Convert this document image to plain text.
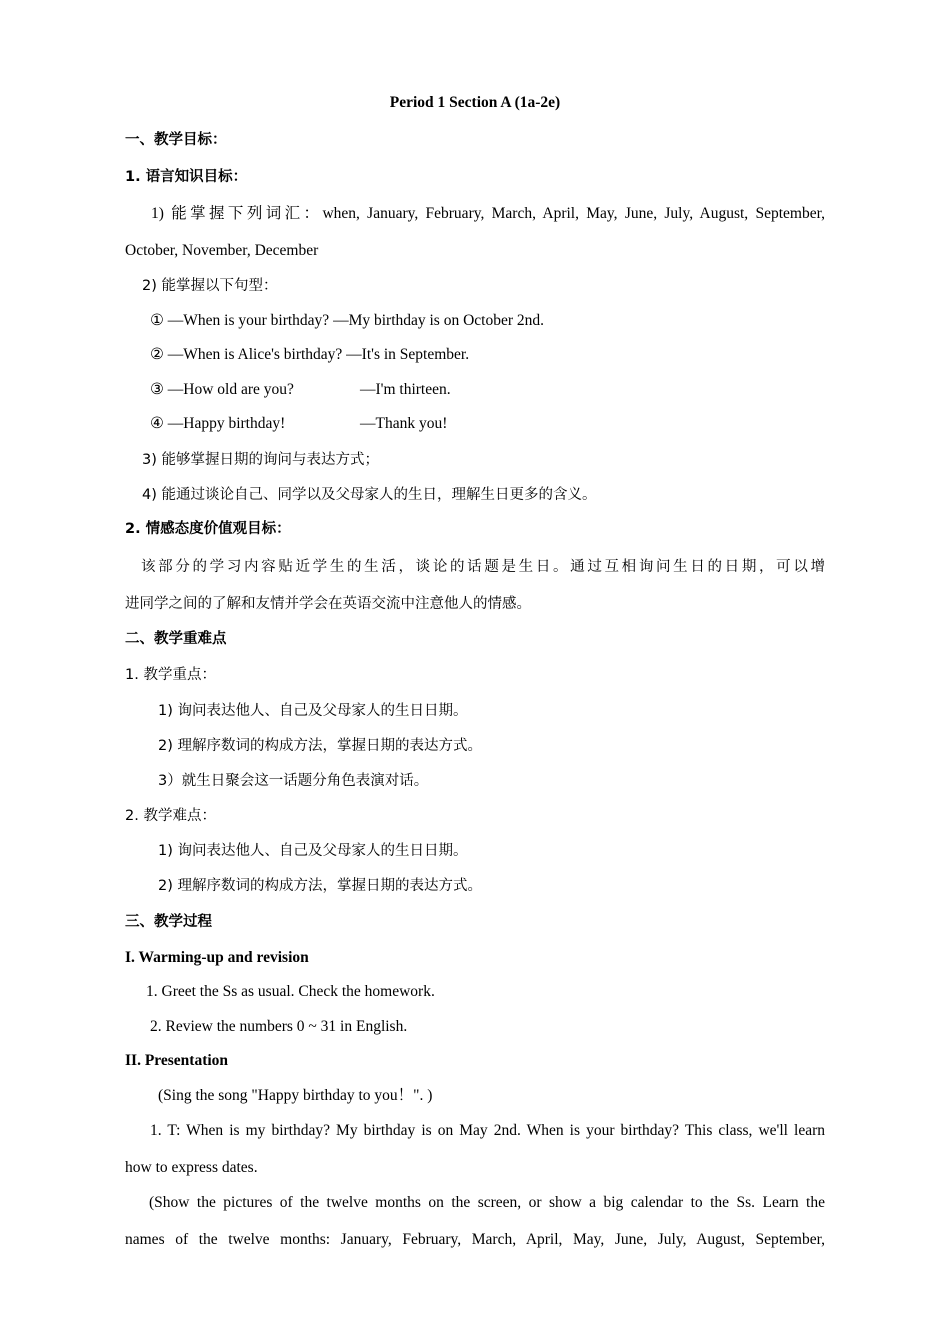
Period 1 Section A (1a-2e)
一、教学目标：
1. 语言知识目标：
1) 能掌握下列词汇：when, January, February, March, April, May, June, July, August, September,
October, November, December
2) 能掌握以下句型：
① —When is your birthday? —My birthday is on October 2nd.
② —When is Alice's birthday? —It's in September.
③ —How old are you?	—I'm thirteen.
④ —Happy birthday!	—Thank you!
3) 能够掌握日期的询问与表达方式；
4) 能通过谈论自己、同学以及父母家人的生日，理解生日更多的含义。
2. 情感态度价值观目标：
该部分的学习内容贴近学生的生活，谈论的话题是生日。通过互相询问生日的日期，可以增
进同学之间的了解和友情并学会在英语交流中注意他人的情感。
二、教学重难点
1. 教学重点：
1) 询问表达他人、自己及父母家人的生日日期。
2) 理解序数词的构成方法，掌握日期的表达方式。
3）就生日聚会这一话题分角色表演对话。
2. 教学难点：
1) 询问表达他人、自己及父母家人的生日日期。
2) 理解序数词的构成方法，掌握日期的表达方式。
三、教学过程
I. Warming-up and revision
1. Greet the Ss as usual. Check the homework.
2. Review the numbers 0 ~ 31 in English.
II. Presentation
(Sing the song "Happy birthday to you！". )
1. T: When is my birthday? My birthday is on May 2nd. When is your birthday? This class, we'll learn
how to express dates.
(Show the pictures of the twelve months on the screen, or show a big calendar to the Ss. Learn the
names of the twelve months: January, February, March, April, May, June, July, August, September,
